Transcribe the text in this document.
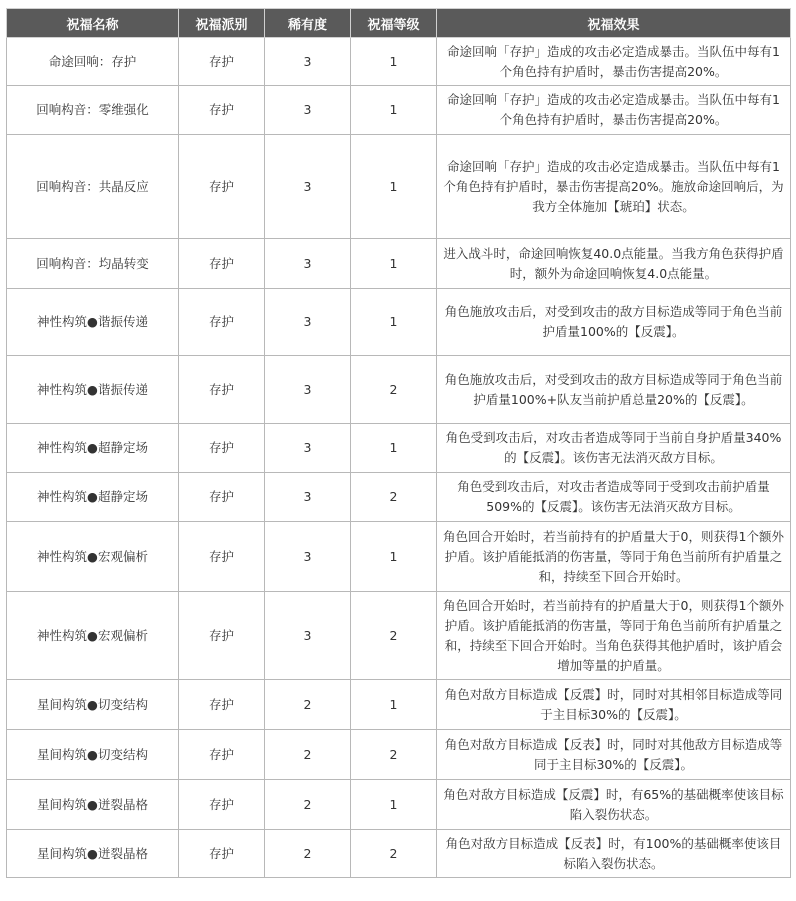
祝福名称	祝福派别	稀有度	祝福等级	祝福效果
命途回响：存护	存护	3	1	命途回响「存护」造成的攻击必定造成暴击。当队伍中每有1个角色持有护盾时，暴击伤害提高20%。
回响构音：零维强化	存护	3	1	命途回响「存护」造成的攻击必定造成暴击。当队伍中每有1个角色持有护盾时，暴击伤害提高20%。
回响构音：共晶反应	存护	3	1	命途回响「存护」造成的攻击必定造成暴击。当队伍中每有1个角色持有护盾时，暴击伤害提高20%。施放命途回响后，为我方全体施加【琥珀】状态。
回响构音：均晶转变	存护	3	1	进入战斗时，命途回响恢复40.0点能量。当我方角色获得护盾时，额外为命途回响恢复4.0点能量。
神性构筑●谐振传递	存护	3	1	角色施放攻击后，对受到攻击的敌方目标造成等同于角色当前护盾量100%的【反震】。
神性构筑●谐振传递	存护	3	2	角色施放攻击后，对受到攻击的敌方目标造成等同于角色当前护盾量100%+队友当前护盾总量20%的【反震】。
神性构筑●超静定场	存护	3	1	角色受到攻击后，对攻击者造成等同于当前自身护盾量340%的【反震】。该伤害无法消灭敌方目标。
神性构筑●超静定场	存护	3	2	角色受到攻击后，对攻击者造成等同于受到攻击前护盾量509%的【反震】。该伤害无法消灭敌方目标。
神性构筑●宏观偏析	存护	3	1	角色回合开始时，若当前持有的护盾量大于0，则获得1个额外护盾。该护盾能抵消的伤害量，等同于角色当前所有护盾量之和，持续至下回合开始时。
神性构筑●宏观偏析	存护	3	2	角色回合开始时，若当前持有的护盾量大于0，则获得1个额外护盾。该护盾能抵消的伤害量，等同于角色当前所有护盾量之和，持续至下回合开始时。当角色获得其他护盾时，该护盾会增加等量的护盾量。
星间构筑●切变结构	存护	2	1	角色对敌方目标造成【反震】时，同时对其相邻目标造成等同于主目标30%的【反震】。
星间构筑●切变结构	存护	2	2	角色对敌方目标造成【反表】时，同时对其他敌方目标造成等同于主目标30%的【反震】。
星间构筑●迸裂晶格	存护	2	1	角色对敌方目标造成【反震】时，有65%的基础概率使该目标陷入裂伤状态。
星间构筑●迸裂晶格	存护	2	2	角色对敌方目标造成【反表】时，有100%的基础概率使该目标陷入裂伤状态。
